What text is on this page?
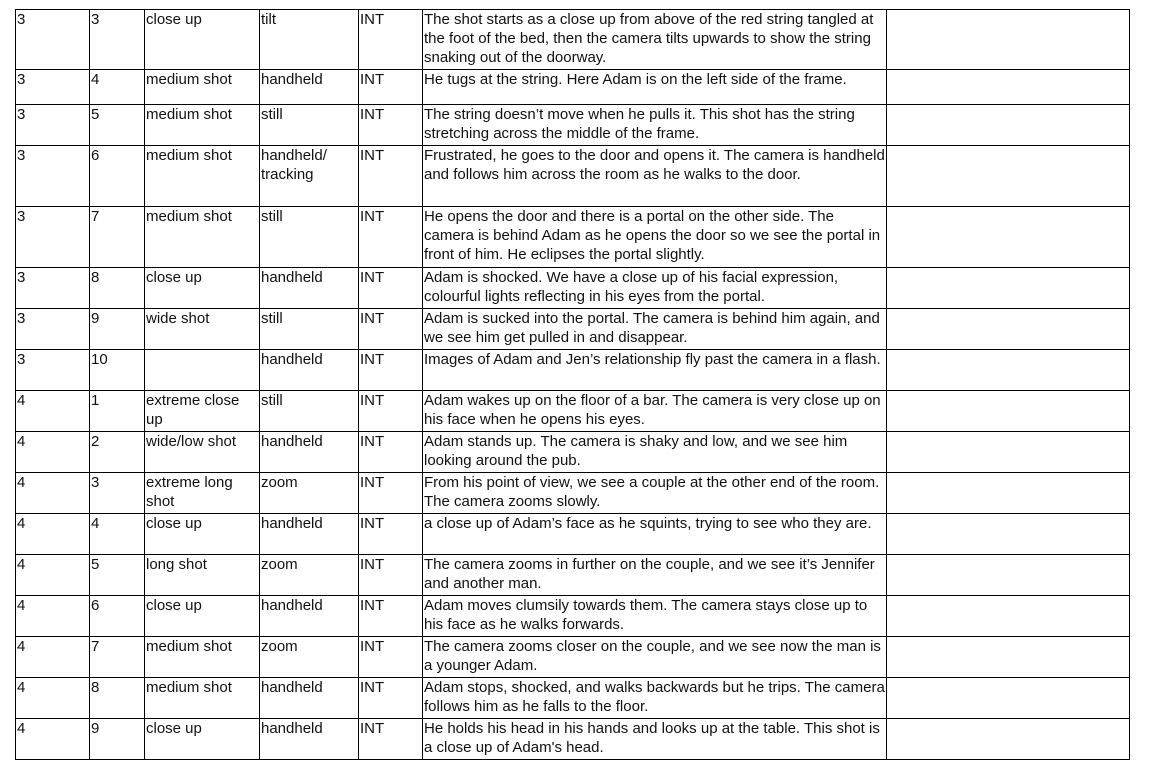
3	3	close up	tilt	INT	The shot starts as a close up from above of the red string tangled at the foot of the bed, then the camera tilts upwards to show the string snaking out of the doorway.	
3	4	medium shot	handheld	INT	He tugs at the string. Here Adam is on the left side of the frame.	
3	5	medium shot	still	INT	The string doesn’t move when he pulls it. This shot has the string stretching across the middle of the frame.	
3	6	medium shot	handheld/ tracking	INT	Frustrated, he goes to the door and opens it. The camera is handheld and follows him across the room as he walks to the door.	
3	7	medium shot	still	INT	He opens the door and there is a portal on the other side. The camera is behind Adam as he opens the door so we see the portal in front of him. He eclipses the portal slightly.	
3	8	close up	handheld	INT	Adam is shocked. We have a close up of his facial expression, colourful lights reflecting in his eyes from the portal.	
3	9	wide shot	still	INT	Adam is sucked into the portal. The camera is behind him again, and we see him get pulled in and disappear.	
3	10		handheld	INT	Images of Adam and Jen’s relationship fly past the camera in a flash.	
4	1	extreme close up	still	INT	Adam wakes up on the floor of a bar. The camera is very close up on his face when he opens his eyes.	
4	2	wide/low shot	handheld	INT	Adam stands up. The camera is shaky and low, and we see him looking around the pub.	
4	3	extreme long shot	zoom	INT	From his point of view, we see a couple at the other end of the room. The camera zooms slowly.	
4	4	close up	handheld	INT	a close up of Adam’s face as he squints, trying to see who they are.	
4	5	long shot	zoom	INT	The camera zooms in further on the couple, and we see it’s Jennifer and another man.	
4	6	close up	handheld	INT	Adam moves clumsily towards them. The camera stays close up to his face as he walks forwards.	
4	7	medium shot	zoom	INT	The camera zooms closer on the couple, and we see now the man is a younger Adam.	
4	8	medium shot	handheld	INT	Adam stops, shocked, and walks backwards but he trips. The camera follows him as he falls to the floor.	
4	9	close up	handheld	INT	He holds his head in his hands and looks up at the table. This shot is a close up of Adam's head.	
